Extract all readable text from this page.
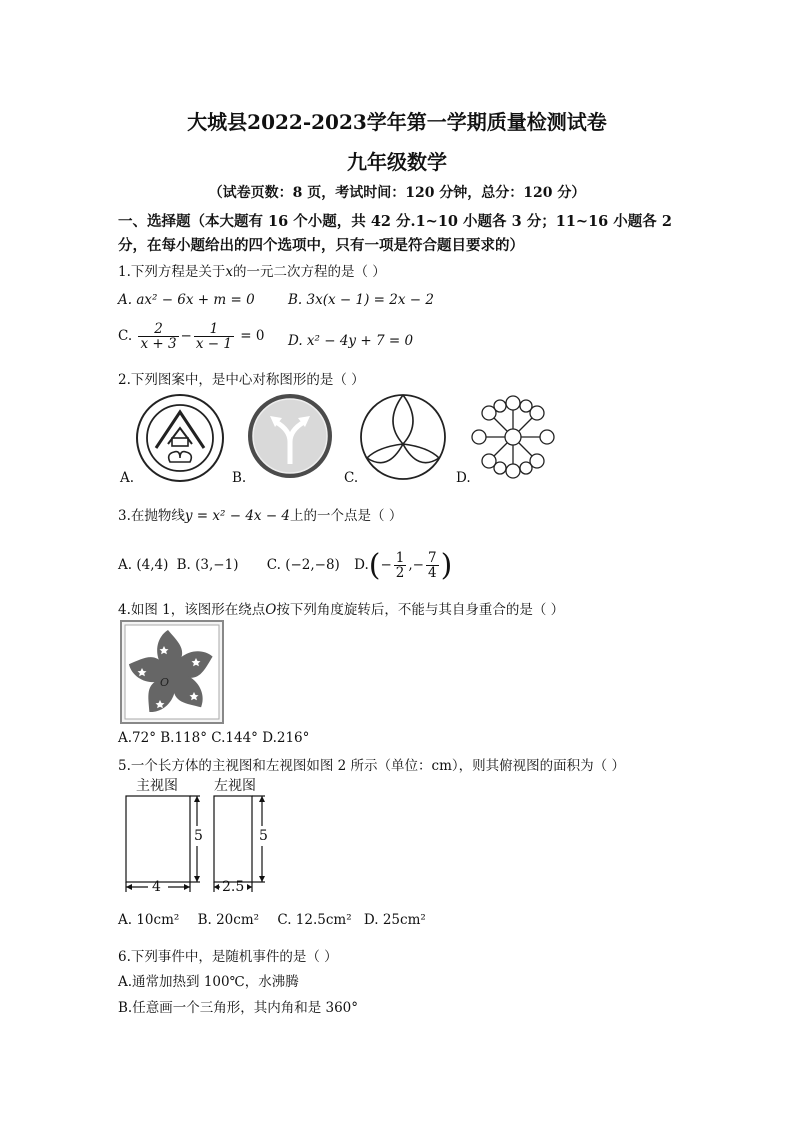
大城县2022-2023学年第一学期质量检测试卷
九年级数学
（试卷页数：8 页，考试时间：120 分钟，总分：120 分）
一、选择题（本大题有 16 个小题，共 42 分.1~10 小题各 3 分；11~16 小题各 2
分，在每小题给出的四个选项中，只有一项是符合题目要求的）
1.下列方程是关于x的一元二次方程的是（ ）
A. ax² − 6x + m = 0 B. 3x(x − 1) = 2x − 2
C. $\frac{2}{x + 3} - \frac{1}{x - 1} = 0$ D. x² − 4y + 7 = 0
2.下列图案中，是中心对称图形的是（ ）
A.	B.	C.	D.
3.在抛物线y = x² − 4x − 4上的一个点是（ ）
A. (4,4) B. (3,−1) C. (−2,−8) $D.(- \frac{1}{2}$ ,− $\frac{7}{4}$ )
4.如图 1，该图形在绕点O按下列角度旋转后，不能与其自身重合的是（ ）
O
A.72° B.118° C.144° D.216°
5.一个长方体的主视图和左视图如图 2 所示（单位：cm），则其俯视图的面积为（ ）
主视图	左视图
5	5
4	2.5
A. 10cm² B. 20cm² C. 12.5cm² D. 25cm²
6.下列事件中，是随机事件的是（ ）
A.通常加热到 100℃，水沸腾
B.任意画一个三角形，其内角和是 360°
